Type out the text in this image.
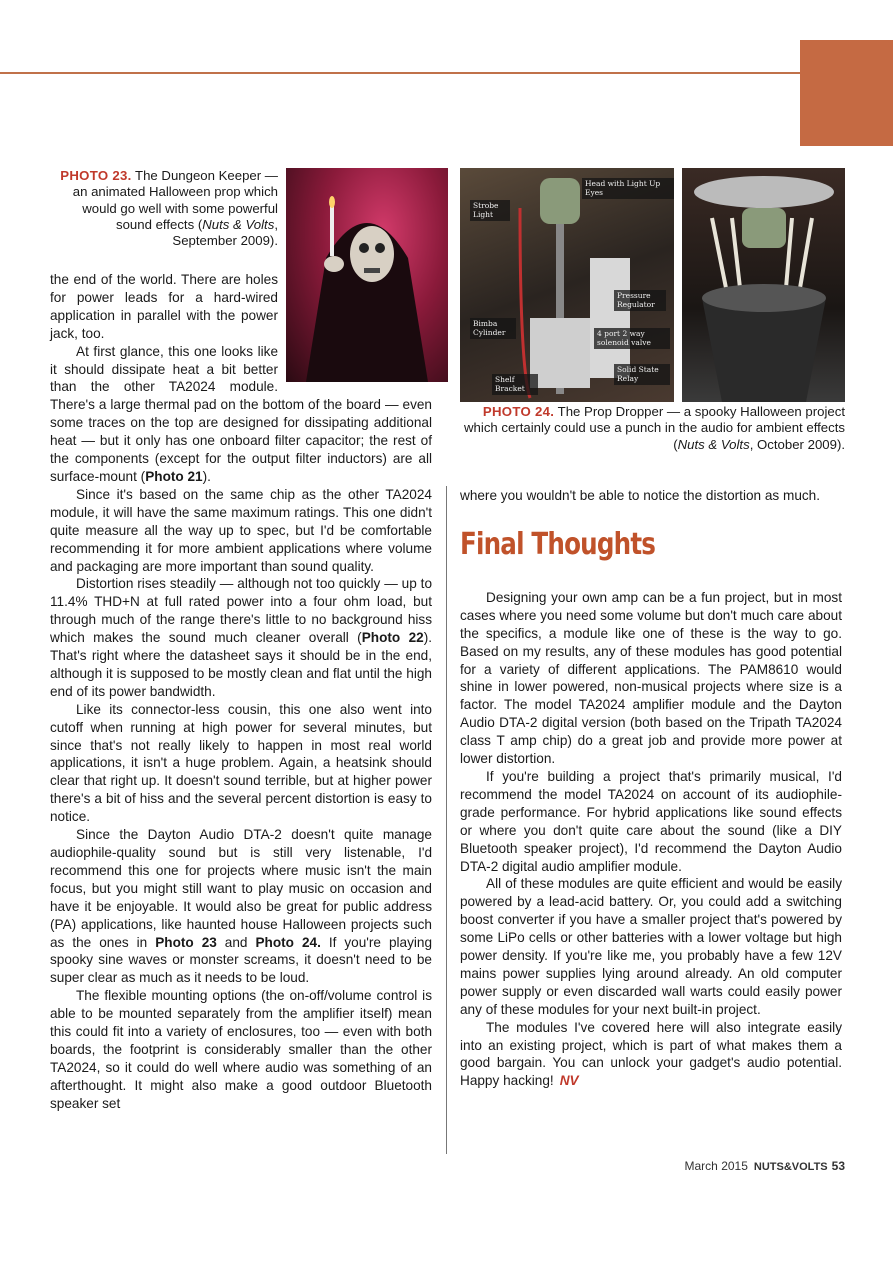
PHOTO 23. The Dungeon Keeper — an animated Halloween prop which would go well with some powerful sound effects (Nuts & Volts, September 2009).
Head with Light Up Eyes
Strobe Light
Pressure Regulator
Bimba Cylinder	4 port 2 way solenoid valve
Shelf Bracket
Solid State Relay
PHOTO 24. The Prop Dropper — a spooky Halloween project which certainly could use a punch in the audio for ambient effects (Nuts & Volts, October 2009).

the end of the world. There are holes for power leads for a hard-wired application in parallel with the power jack, too.

At first glance, this one looks like it should dissipate heat a bit better than the other TA2024 module. There's a large thermal pad on the bottom of the board — even some traces on the top are designed for dissipating additional heat — but it only has one onboard filter capacitor; the rest of the components (except for the output filter inductors) are all surface-mount (Photo 21).

Since it's based on the same chip as the other TA2024 module, it will have the same maximum ratings. This one didn't quite measure all the way up to spec, but I'd be comfortable recommending it for more ambient applications where volume and packaging are more important than sound quality.

Distortion rises steadily — although not too quickly — up to 11.4% THD+N at full rated power into a four ohm load, but through much of the range there's little to no background hiss which makes the sound much cleaner overall (Photo 22). That's right where the datasheet says it should be in the end, although it is supposed to be mostly clean and flat until the high end of its power bandwidth.

Like its connector-less cousin, this one also went into cutoff when running at high power for several minutes, but since that's not really likely to happen in most real world applications, it isn't a huge problem. Again, a heatsink should clear that right up. It doesn't sound terrible, but at higher power there's a bit of hiss and the several percent distortion is easy to notice.

Since the Dayton Audio DTA-2 doesn't quite manage audiophile-quality sound but is still very listenable, I'd recommend this one for projects where music isn't the main focus, but you might still want to play music on occasion and have it be enjoyable. It would also be great for public address (PA) applications, like haunted house Halloween projects such as the ones in Photo 23 and Photo 24. If you're playing spooky sine waves or monster screams, it doesn't need to be super clear as much as it needs to be loud.

The flexible mounting options (the on-off/volume control is able to be mounted separately from the amplifier itself) mean this could fit into a variety of enclosures, too — even with both boards, the footprint is considerably smaller than the other TA2024, so it could do well where audio was something of an afterthought. It might also make a good outdoor Bluetooth speaker set

where you wouldn't be able to notice the distortion as much.

Final Thoughts

Designing your own amp can be a fun project, but in most cases where you need some volume but don't much care about the specifics, a module like one of these is the way to go. Based on my results, any of these modules has good potential for a variety of different applications. The PAM8610 would shine in lower powered, non-musical projects where size is a factor. The model TA2024 amplifier module and the Dayton Audio DTA-2 digital version (both based on the Tripath TA2024 class T amp chip) do a great job and provide more power at lower distortion.

If you're building a project that's primarily musical, I'd recommend the model TA2024 on account of its audiophile-grade performance. For hybrid applications like sound effects or where you don't quite care about the sound (like a DIY Bluetooth speaker project), I'd recommend the Dayton Audio DTA-2 digital audio amplifier module.

All of these modules are quite efficient and would be easily powered by a lead-acid battery. Or, you could add a switching boost converter if you have a smaller project that's powered by some LiPo cells or other batteries with a lower voltage but high power density. If you're like me, you probably have a few 12V mains power supplies lying around already. An old computer power supply or even discarded wall warts could easily power any of these modules for your next built-in project.

The modules I've covered here will also integrate easily into an existing project, which is part of what makes them a good bargain. You can unlock your gadget's audio potential. Happy hacking! NV

March 2015 NUTS&VOLTS 53
